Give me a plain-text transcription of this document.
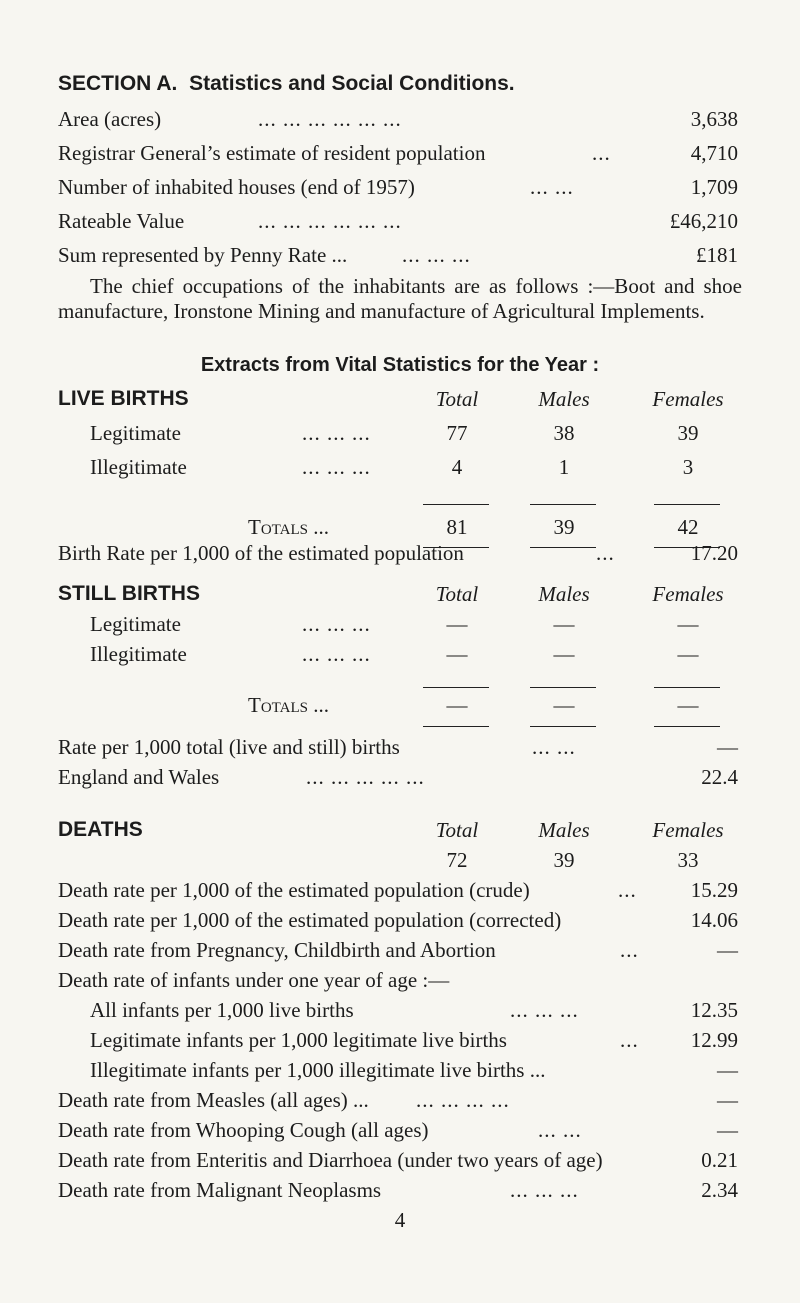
SECTION A. Statistics and Social Conditions.
Area (acres)	... ... ... ... ... ...	3,638
Registrar General’s estimate of resident population	...	4,710
Number of inhabited houses (end of 1957)	... ...	1,709
Rateable Value	... ... ... ... ... ...	£46,210
Sum represented by Penny Rate ...	... ... ...	£181
The chief occupations of the inhabitants are as follows :—Boot and shoe manufacture, Ironstone Mining and manufacture of Agricultural Implements.
Extracts from Vital Statistics for the Year :
LIVE BIRTHS	Total	Males	Females
Legitimate	... ... ...	77	38	39
Illegitimate	... ... ...	4	1	3
Totals ...	81	39	42
Birth Rate per 1,000 of the estimated population	...	17.20
STILL BIRTHS	Total	Males	Females
Legitimate	... ... ...	—	—	—
Illegitimate	... ... ...	—	—	—
Totals ...	—	—	—
Rate per 1,000 total (live and still) births	... ...	—
England and Wales	... ... ... ... ...	22.4
DEATHS	Total	Males	Females
72	39	33
Death rate per 1,000 of the estimated population (crude)	...	15.29
Death rate per 1,000 of the estimated population (corrected)	14.06
Death rate from Pregnancy, Childbirth and Abortion	...	—
Death rate of infants under one year of age :—
All infants per 1,000 live births	... ... ...	12.35
Legitimate infants per 1,000 legitimate live births	... 12.99
Illegitimate infants per 1,000 illegitimate live births ...	—
Death rate from Measles (all ages) ... ... ... ... ...	—
Death rate from Whooping Cough (all ages)	... ...	—
Death rate from Enteritis and Diarrhoea (under two years of age)	0.21
Death rate from Malignant Neoplasms	... ... ...	2.34
4
